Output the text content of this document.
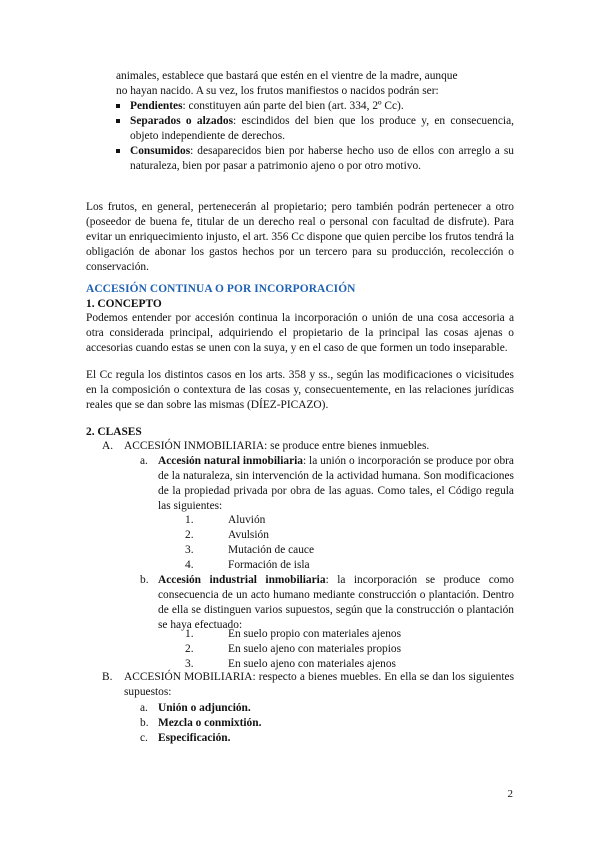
animales, establece que bastará que estén en el vientre de la madre, aunque
no hayan nacido. A su vez, los frutos manifiestos o nacidos podrán ser:
Pendientes: constituyen aún parte del bien (art. 334, 2º Cc).
Separados o alzados: escindidos del bien que los produce y, en consecuencia, objeto independiente de derechos.
Consumidos: desaparecidos bien por haberse hecho uso de ellos con arreglo a su naturaleza, bien por pasar a patrimonio ajeno o por otro motivo.
Los frutos, en general, pertenecerán al propietario; pero también podrán pertenecer a otro (poseedor de buena fe, titular de un derecho real o personal con facultad de disfrute). Para evitar un enriquecimiento injusto, el art. 356 Cc dispone que quien percibe los frutos tendrá la obligación de abonar los gastos hechos por un tercero para su producción, recolección o conservación.
ACCESIÓN CONTINUA O POR INCORPORACIÓN
1. CONCEPTO
Podemos entender por accesión continua la incorporación o unión de una cosa accesoria a otra considerada principal, adquiriendo el propietario de la principal las cosas ajenas o accesorias cuando estas se unen con la suya, y en el caso de que formen un todo inseparable.
El Cc regula los distintos casos en los arts. 358 y ss., según las modificaciones o vicisitudes en la composición o contextura de las cosas y, consecuentemente, en las relaciones jurídicas reales que se dan sobre las mismas (DÍEZ-PICAZO).
2. CLASES
A. ACCESIÓN INMOBILIARIA: se produce entre bienes inmuebles.
a. Accesión natural inmobiliaria: la unión o incorporación se produce por obra de la naturaleza, sin intervención de la actividad humana. Son modificaciones de la propiedad privada por obra de las aguas. Como tales, el Código regula las siguientes:
1.	Aluvión
2.	Avulsión
3.	Mutación de cauce
4.	Formación de isla
b. Accesión industrial inmobiliaria: la incorporación se produce como consecuencia de un acto humano mediante construcción o plantación. Dentro de ella se distinguen varios supuestos, según que la construcción o plantación se haya efectuado:
1.	En suelo propio con materiales ajenos
2.	En suelo ajeno con materiales propios
3.	En suelo ajeno con materiales ajenos
B.	ACCESIÓN MOBILIARIA: respecto a bienes muebles. En ella se dan los siguientes supuestos:
a. Unión o adjunción.
b. Mezcla o conmixtión.
c. Especificación.
2
